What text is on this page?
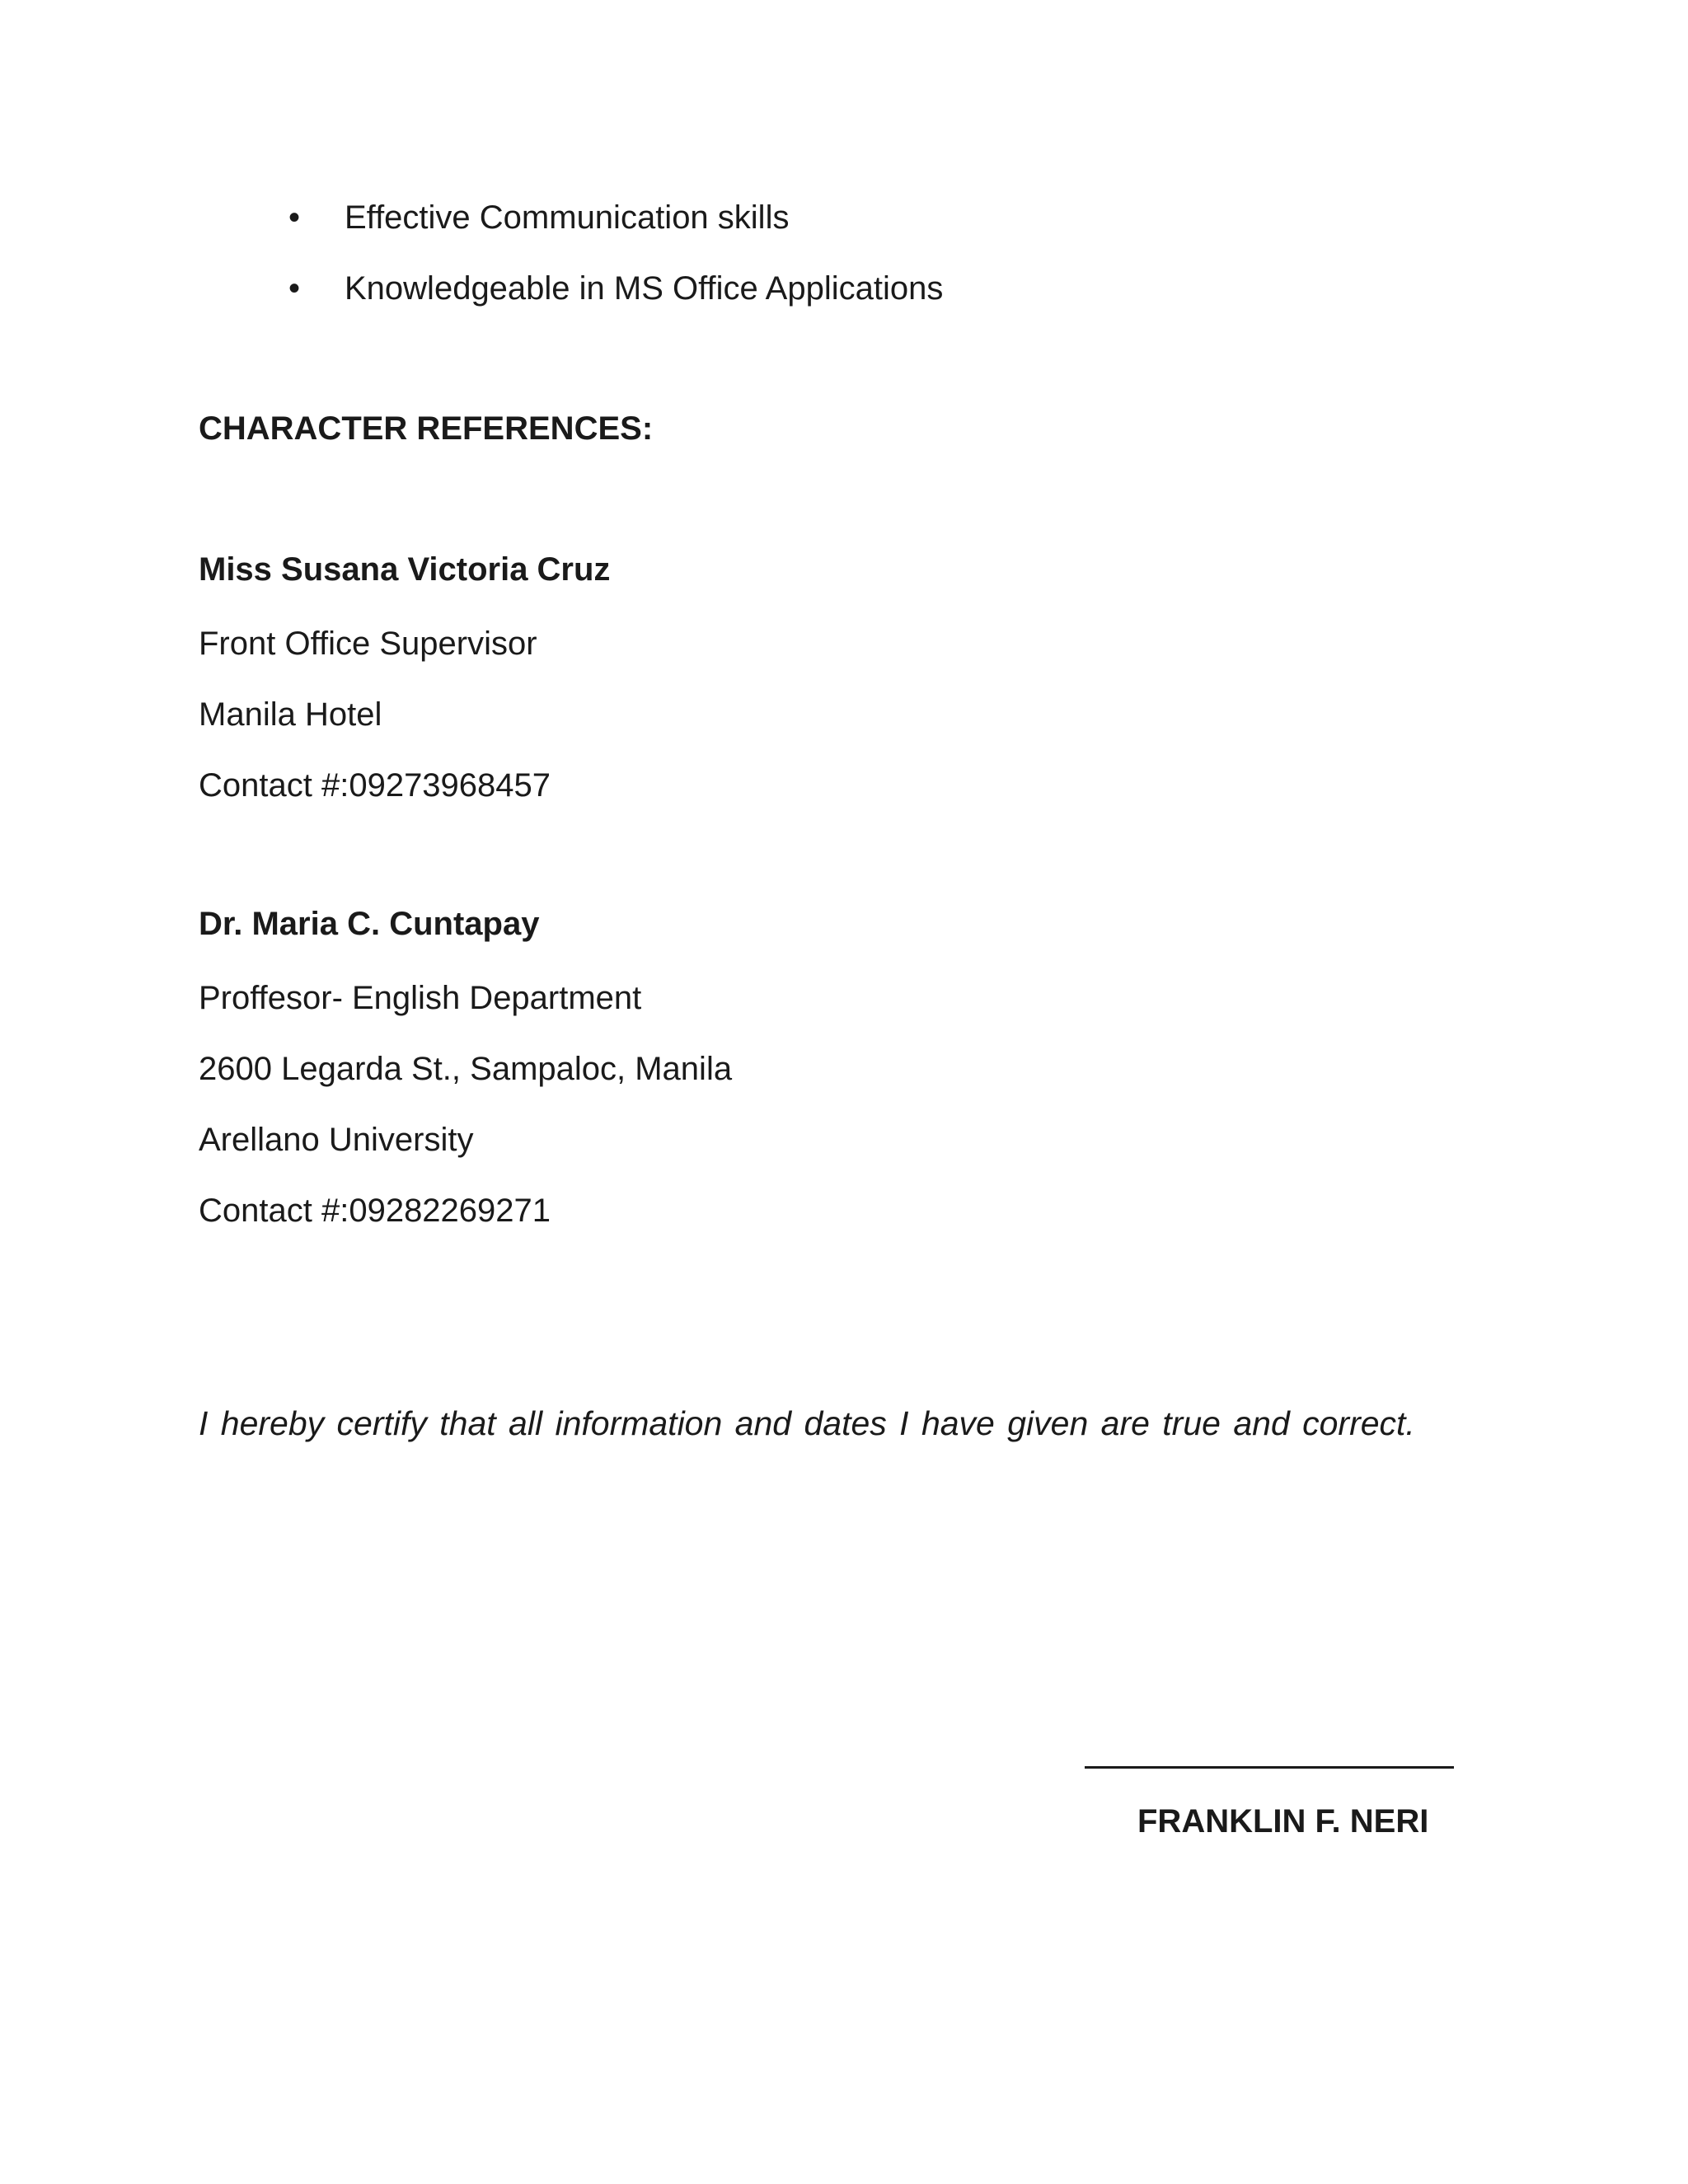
• Effective Communication skills
• Knowledgeable in MS Office Applications
CHARACTER REFERENCES:
Miss Susana Victoria Cruz
Front Office Supervisor
Manila Hotel
Contact #:09273968457
Dr. Maria C. Cuntapay
Proffesor- English Department
2600 Legarda St., Sampaloc, Manila
Arellano University
Contact #:09282269271

I hereby certify that all information and dates I have given are true and correct.

FRANKLIN F. NERI
